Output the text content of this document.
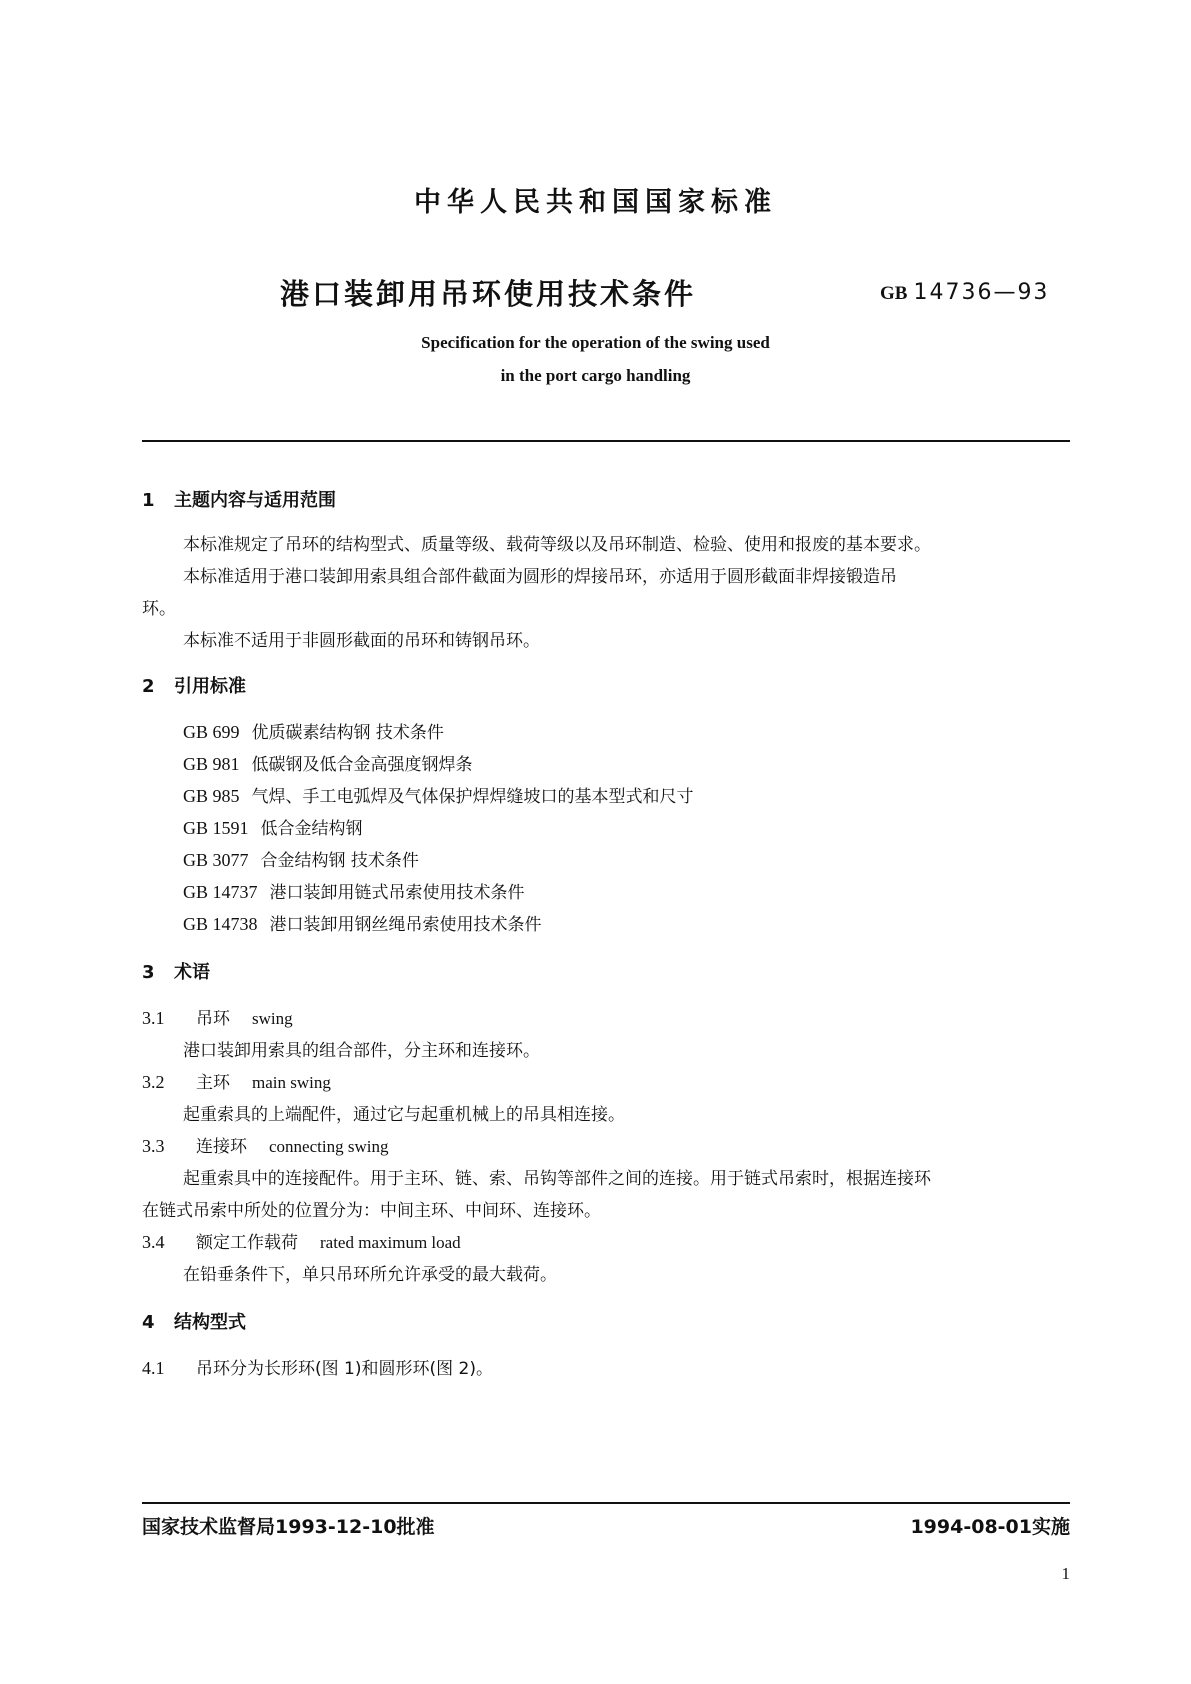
中华人民共和国国家标准
港口装卸用吊环使用技术条件	GB 14736—93
Specification for the operation of the swing used
in the port cargo handling
1 主题内容与适用范围
本标准规定了吊环的结构型式、质量等级、载荷等级以及吊环制造、检验、使用和报废的基本要求。
本标准适用于港口装卸用索具组合部件截面为圆形的焊接吊环，亦适用于圆形截面非焊接锻造吊
环。
本标准不适用于非圆形截面的吊环和铸钢吊环。
2 引用标准
GB 699 优质碳素结构钢 技术条件
GB 981 低碳钢及低合金高强度钢焊条
GB 985 气焊、手工电弧焊及气体保护焊焊缝坡口的基本型式和尺寸
GB 1591 低合金结构钢
GB 3077 合金结构钢 技术条件
GB 14737 港口装卸用链式吊索使用技术条件
GB 14738 港口装卸用钢丝绳吊索使用技术条件
3 术语
3.1 吊环 swing
港口装卸用索具的组合部件，分主环和连接环。
3.2 主环 main swing
起重索具的上端配件，通过它与起重机械上的吊具相连接。
3.3 连接环 connecting swing
起重索具中的连接配件。用于主环、链、索、吊钩等部件之间的连接。用于链式吊索时，根据连接环
在链式吊索中所处的位置分为：中间主环、中间环、连接环。
3.4 额定工作载荷 rated maximum load
在铅垂条件下，单只吊环所允许承受的最大载荷。
4 结构型式
4.1 吊环分为长形环(图 1)和圆形环(图 2)。
国家技术监督局1993-12-10批准	1994-08-01实施
1
